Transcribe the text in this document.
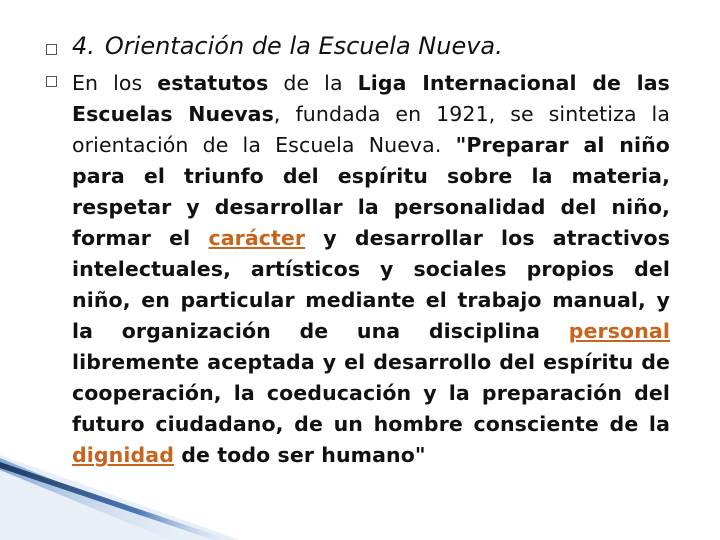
4. Orientación de la Escuela Nueva.
En los estatutos de la Liga Internacional de las Escuelas Nuevas, fundada en 1921, se sintetiza la orientación de la Escuela Nueva. "Preparar al niño para el triunfo del espíritu sobre la materia, respetar y desarrollar la personalidad del niño, formar el carácter y desarrollar los atractivos intelectuales, artísticos y sociales propios del niño, en particular mediante el trabajo manual, y la organización de una disciplina personal libremente aceptada y el desarrollo del espíritu de cooperación, la coeducación y la preparación del futuro ciudadano, de un hombre consciente de la dignidad de todo ser humano"
